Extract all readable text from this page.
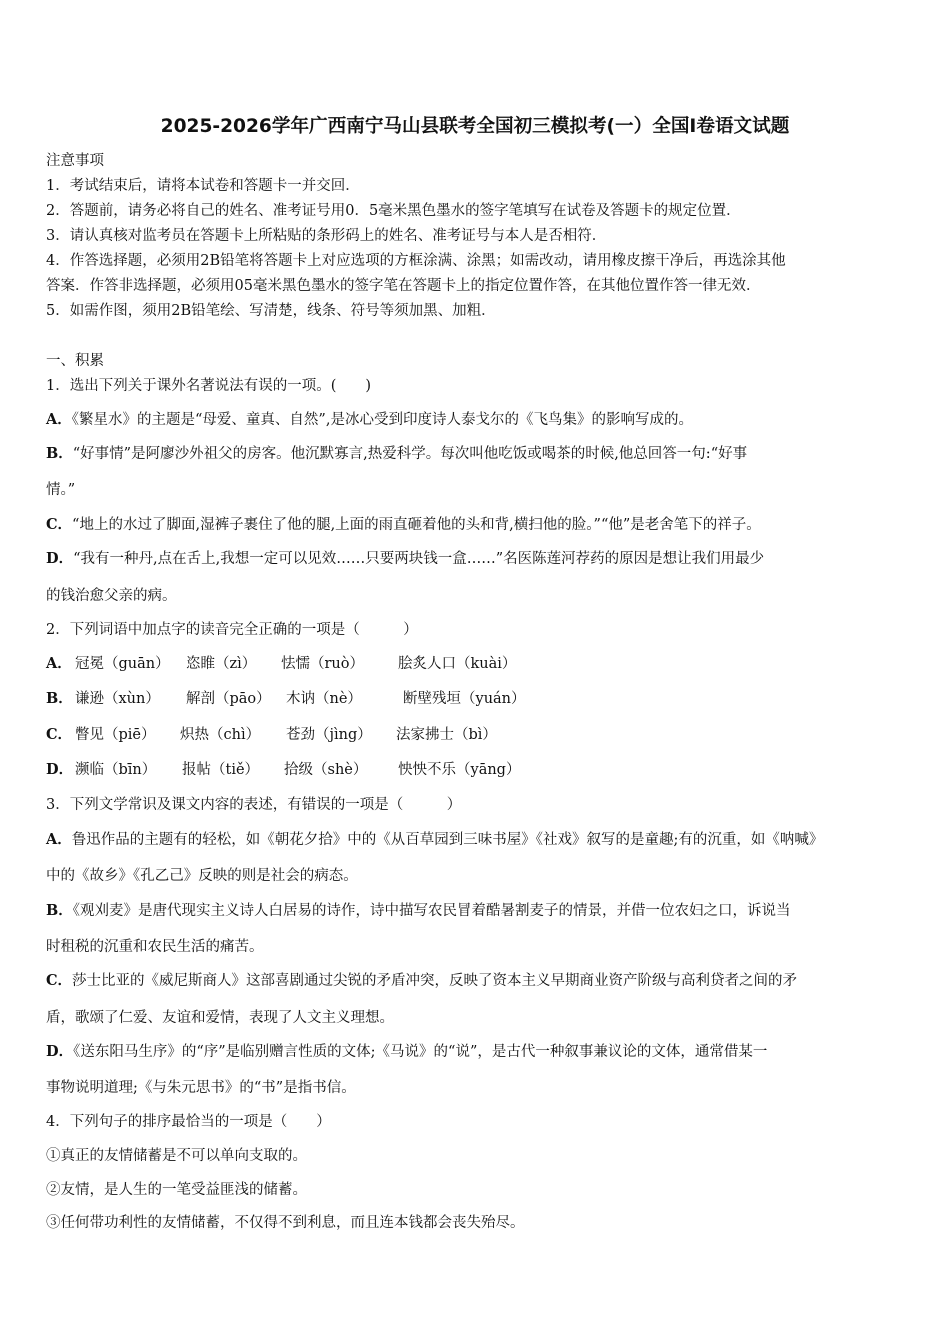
2025-2026学年广西南宁马山县联考全国初三模拟考(一）全国Ⅰ卷语文试题
注意事项
1．考试结束后，请将本试卷和答题卡一并交回．
2．答题前，请务必将自己的姓名、准考证号用0．5毫米黑色墨水的签字笔填写在试卷及答题卡的规定位置．
3．请认真核对监考员在答题卡上所粘贴的条形码上的姓名、准考证号与本人是否相符．
4．作答选择题，必须用2B铅笔将答题卡上对应选项的方框涂满、涂黑；如需改动，请用橡皮擦干净后，再选涂其他
答案．作答非选择题，必须用05毫米黑色墨水的签字笔在答题卡上的指定位置作答，在其他位置作答一律无效．
5．如需作图，须用2B铅笔绘、写清楚，线条、符号等须加黑、加粗．
一、积累
1．选出下列关于课外名著说法有误的一项。(　　)
A．《繁星水》的主题是“母爱、童真、自然”,是冰心受到印度诗人泰戈尔的《飞鸟集》的影响写成的。
B．“好事情”是阿廖沙外祖父的房客。他沉默寡言,热爱科学。每次叫他吃饭或喝茶的时候,他总回答一句:“好事
情。”
C．“地上的水过了脚面,湿裤子裹住了他的腿,上面的雨直砸着他的头和背,横扫他的脸。”“他”是老舍笔下的祥子。
D．“我有一种丹,点在舌上,我想一定可以见效……只要两块钱一盒……”名医陈莲河荐药的原因是想让我们用最少
的钱治愈父亲的病。
2．下列词语中加点字的读音完全正确的一项是（　　　）
A． 冠冕（guān） 恣睢（zì） 怯懦（ruò） 脍炙人口（kuài）
B． 谦逊（xùn） 解剖（pāo） 木讷（nè）	断壁残垣（yuán）
C． 瞥见（piē） 炽热（chì） 苍劲（jìng） 法家拂士（bì）
D． 濒临（bīn） 报帖（tiě） 拾级（shè） 怏怏不乐（yāng）
3．下列文学常识及课文内容的表述，有错误的一项是（　　　）
A．鲁迅作品的主题有的轻松，如《朝花夕拾》中的《从百草园到三味书屋》《社戏》叙写的是童趣;有的沉重，如《呐喊》
中的《故乡》《孔乙己》反映的则是社会的病态。
B．《观刈麦》是唐代现实主义诗人白居易的诗作，诗中描写农民冒着酷暑割麦子的情景，并借一位农妇之口，诉说当
时租税的沉重和农民生活的痛苦。
C．莎士比亚的《威尼斯商人》这部喜剧通过尖锐的矛盾冲突，反映了资本主义早期商业资产阶级与高利贷者之间的矛
盾，歌颂了仁爱、友谊和爱情，表现了人文主义理想。
D．《送东阳马生序》的“序”是临别赠言性质的文体;《马说》的“说”，是古代一种叙事兼议论的文体，通常借某一
事物说明道理;《与朱元思书》的“书”是指书信。
4．下列句子的排序最恰当的一项是（　　）
①真正的友情储蓄是不可以单向支取的。
②友情，是人生的一笔受益匪浅的储蓄。
③任何带功利性的友情储蓄，不仅得不到利息，而且连本钱都会丧失殆尽。
